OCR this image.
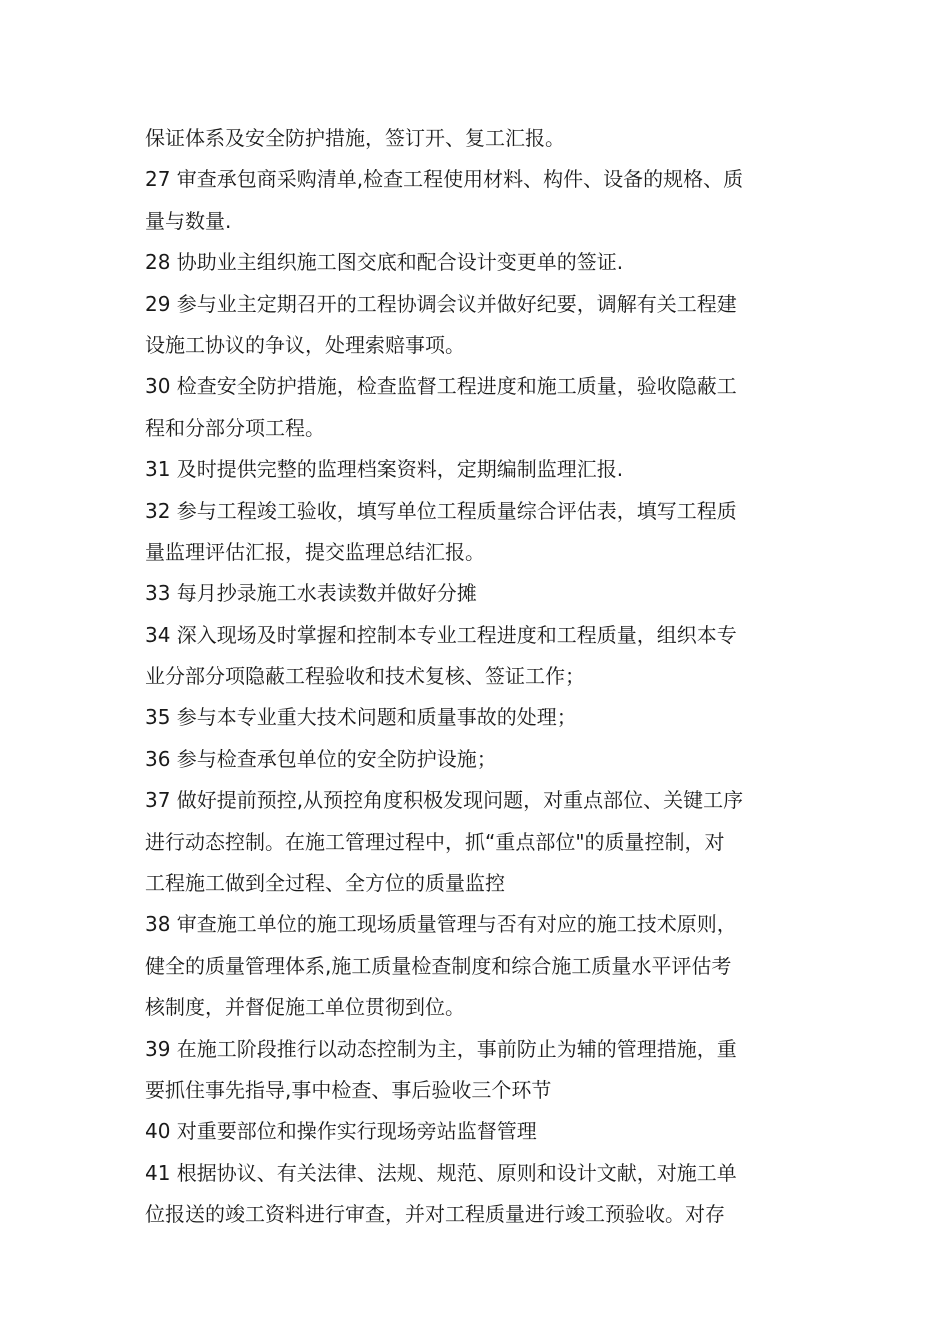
保证体系及安全防护措施，签订开、复工汇报。
27 审查承包商采购清单,检查工程使用材料、构件、设备的规格、质
量与数量.
28 协助业主组织施工图交底和配合设计变更单的签证.
29 参与业主定期召开的工程协调会议并做好纪要，调解有关工程建
设施工协议的争议，处理索赔事项。
30 检查安全防护措施，检查监督工程进度和施工质量，验收隐蔽工
程和分部分项工程。
31 及时提供完整的监理档案资料，定期编制监理汇报.
32 参与工程竣工验收，填写单位工程质量综合评估表，填写工程质
量监理评估汇报，提交监理总结汇报。
33 每月抄录施工水表读数并做好分摊
34 深入现场及时掌握和控制本专业工程进度和工程质量，组织本专
业分部分项隐蔽工程验收和技术复核、签证工作；
35 参与本专业重大技术问题和质量事故的处理；
36 参与检查承包单位的安全防护设施；
37 做好提前预控,从预控角度积极发现问题，对重点部位、关键工序
进行动态控制。在施工管理过程中，抓“重点部位"的质量控制，对
工程施工做到全过程、全方位的质量监控
38 审查施工单位的施工现场质量管理与否有对应的施工技术原则，
健全的质量管理体系,施工质量检查制度和综合施工质量水平评估考
核制度，并督促施工单位贯彻到位。
39 在施工阶段推行以动态控制为主，事前防止为辅的管理措施，重
要抓住事先指导,事中检查、事后验收三个环节
40 对重要部位和操作实行现场旁站监督管理
41 根据协议、有关法律、法规、规范、原则和设计文献，对施工单
位报送的竣工资料进行审查，并对工程质量进行竣工预验收。对存
